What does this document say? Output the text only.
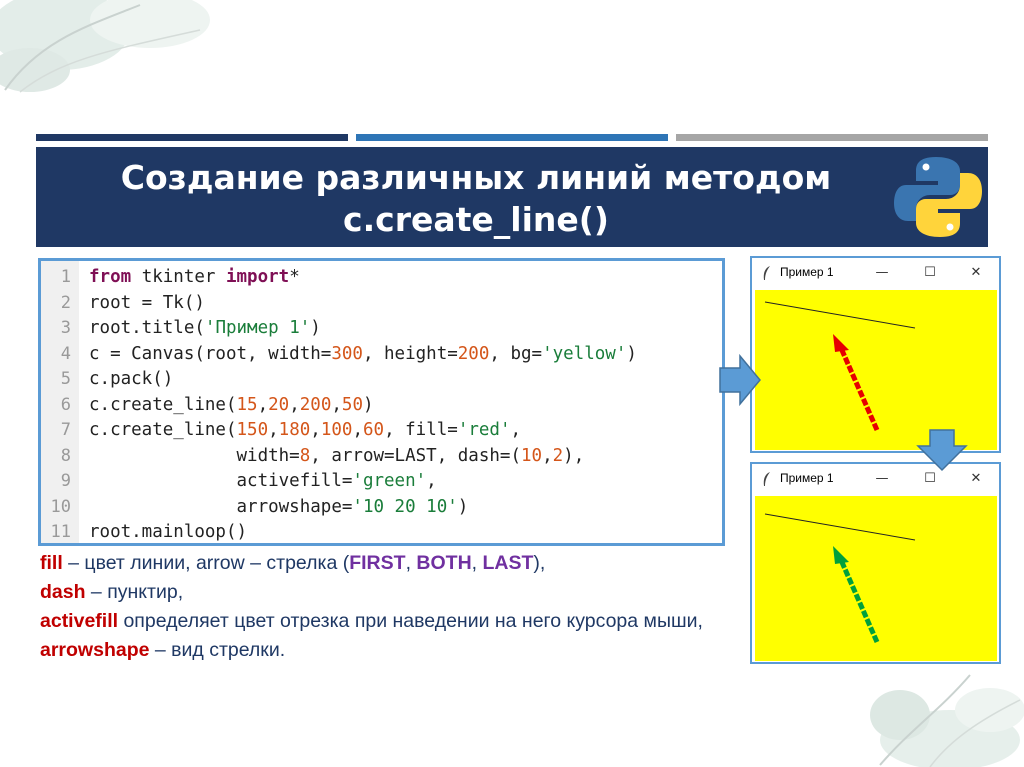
Создание различных линий методом
c.create_line()
1 from tkinter import*
2 root = Tk()
3 root.title('Пример 1')
4 c = Canvas(root, width=300, height=200, bg='yellow')
5 c.pack()
6 c.create_line(15,20,200,50)
7 c.create_line(150,180,100,60, fill='red',
8 width=8, arrow=LAST, dash=(10,2),
9 activefill='green',
10 arrowshape='10 20 10')
11 root.mainloop()
fill – цвет линии, arrow – стрелка (FIRST, BOTH, LAST),
dash – пунктир,
activefill определяет цвет отрезка при наведении на него курсора мыши,
arrowshape – вид стрелки.
Пример 1	—	☐	✕
Пример 1	—	☐	✕
